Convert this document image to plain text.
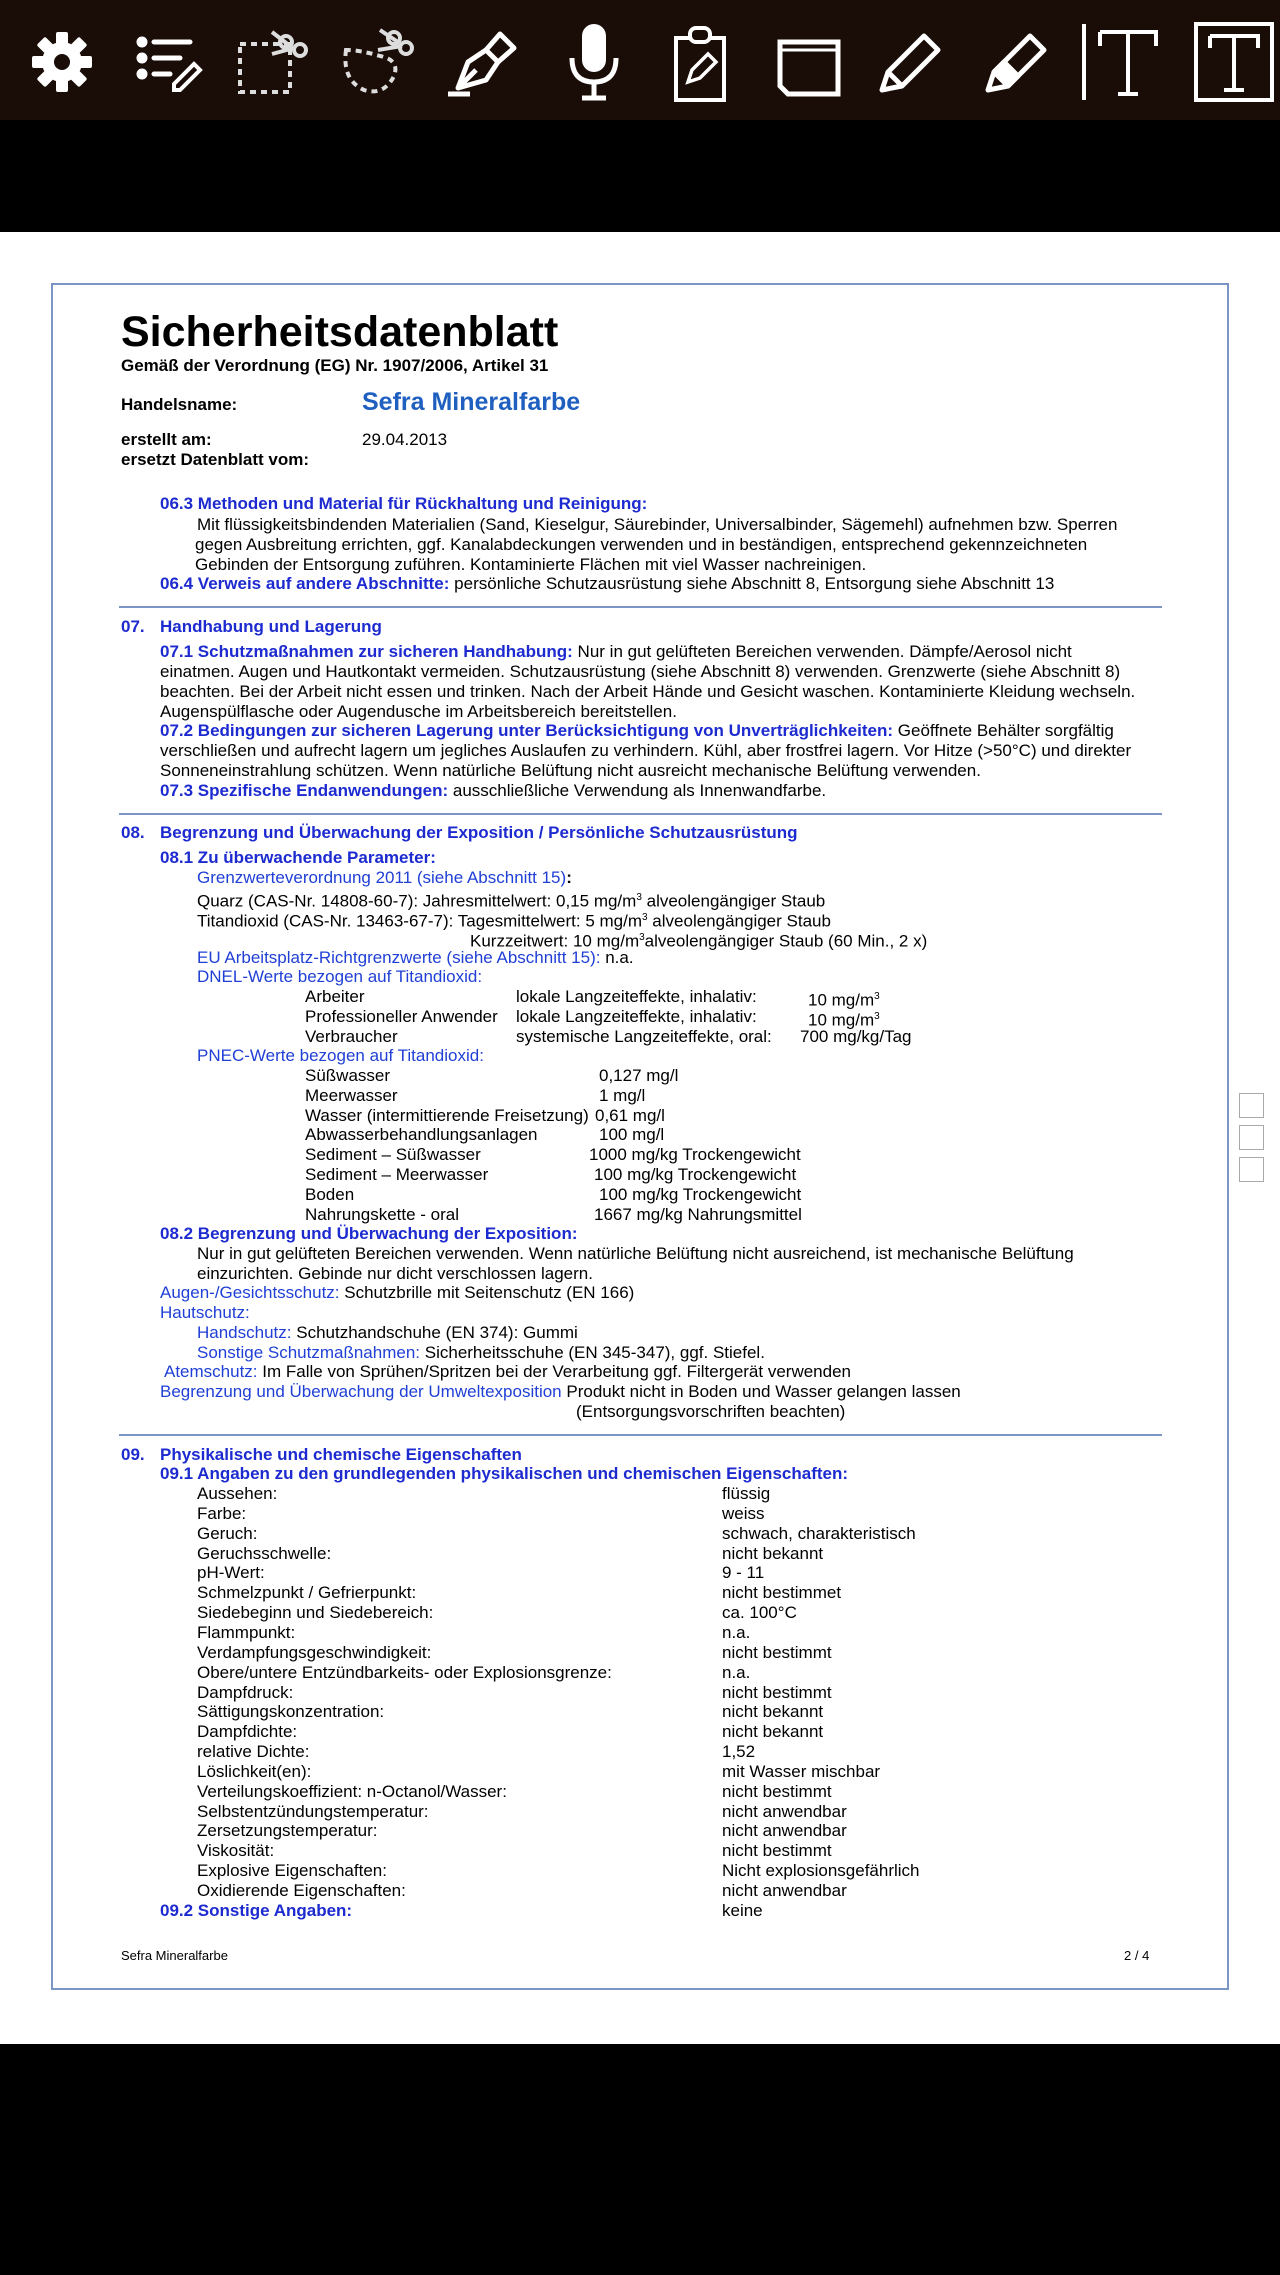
Sicherheitsdatenblatt
Gemäß der Verordnung (EG) Nr. 1907/2006, Artikel 31
Handelsname:	Sefra Mineralfarbe
erstellt am:	29.04.2013
ersetzt Datenblatt vom:
06.3 Methoden und Material für Rückhaltung und Reinigung:
Mit flüssigkeitsbindenden Materialien (Sand, Kieselgur, Säurebinder, Universalbinder, Sägemehl) aufnehmen bzw. Sperren
gegen Ausbreitung errichten, ggf. Kanalabdeckungen verwenden und in beständigen, entsprechend gekennzeichneten
Gebinden der Entsorgung zuführen. Kontaminierte Flächen mit viel Wasser nachreinigen.
06.4 Verweis auf andere Abschnitte: persönliche Schutzausrüstung siehe Abschnitt 8, Entsorgung siehe Abschnitt 13
07. Handhabung und Lagerung
07.1 Schutzmaßnahmen zur sicheren Handhabung: Nur in gut gelüfteten Bereichen verwenden. Dämpfe/Aerosol nicht
einatmen. Augen und Hautkontakt vermeiden. Schutzausrüstung (siehe Abschnitt 8) verwenden. Grenzwerte (siehe Abschnitt 8)
beachten. Bei der Arbeit nicht essen und trinken. Nach der Arbeit Hände und Gesicht waschen. Kontaminierte Kleidung wechseln.
Augenspülflasche oder Augendusche im Arbeitsbereich bereitstellen.
07.2 Bedingungen zur sicheren Lagerung unter Berücksichtigung von Unverträglichkeiten: Geöffnete Behälter sorgfältig
verschließen und aufrecht lagern um jegliches Auslaufen zu verhindern. Kühl, aber frostfrei lagern. Vor Hitze (>50°C) und direkter
Sonneneinstrahlung schützen. Wenn natürliche Belüftung nicht ausreicht mechanische Belüftung verwenden.
07.3 Spezifische Endanwendungen: ausschließliche Verwendung als Innenwandfarbe.
08. Begrenzung und Überwachung der Exposition / Persönliche Schutzausrüstung
08.1 Zu überwachende Parameter:
Grenzwerteverordnung 2011 (siehe Abschnitt 15):
Quarz (CAS-Nr. 14808-60-7): Jahresmittelwert: 0,15 $mg/m^3$ alveolengängiger Staub
Titandioxid (CAS-Nr. 13463-67-7): Tagesmittelwert: 5 $mg/m^3$ alveolengängiger Staub
Kurzzeitwert: 10 $mg/m^3alveolengängiger$ Staub (60 Min., 2 x)
EU Arbeitsplatz-Richtgrenzwerte (siehe Abschnitt 15): n.a.
DNEL-Werte bezogen auf Titandioxid:
Arbeiter	lokale Langzeiteffekte, inhalativ:	10 $mg/m^3$
Professioneller Anwender lokale Langzeiteffekte, inhalativ:	10 $mg/m^3$
Verbraucher	systemische Langzeiteffekte, oral: 700 mg/kg/Tag
PNEC-Werte bezogen auf Titandioxid:
Süßwasser	0,127 mg/l
Meerwasser	1 mg/l
Wasser (intermittierende Freisetzung) 0,61 mg/l
Abwasserbehandlungsanlagen	100 mg/l
Sediment – Süßwasser	1000 mg/kg Trockengewicht
Sediment – Meerwasser	100 mg/kg Trockengewicht
Boden	100 mg/kg Trockengewicht
Nahrungskette - oral	1667 mg/kg Nahrungsmittel
08.2 Begrenzung und Überwachung der Exposition:
Nur in gut gelüfteten Bereichen verwenden. Wenn natürliche Belüftung nicht ausreichend, ist mechanische Belüftung
einzurichten. Gebinde nur dicht verschlossen lagern.
Augen-/Gesichtsschutz: Schutzbrille mit Seitenschutz (EN 166)
Hautschutz:
Handschutz: Schutzhandschuhe (EN 374): Gummi
Sonstige Schutzmaßnahmen: Sicherheitsschuhe (EN 345-347), ggf. Stiefel.
Atemschutz: Im Falle von Sprühen/Spritzen bei der Verarbeitung ggf. Filtergerät verwenden
Begrenzung und Überwachung der Umweltexposition Produkt nicht in Boden und Wasser gelangen lassen
(Entsorgungsvorschriften beachten)
09. Physikalische und chemische Eigenschaften
09.1 Angaben zu den grundlegenden physikalischen und chemischen Eigenschaften:
Aussehen:	flüssig
Farbe:	weiss
Geruch:	schwach, charakteristisch
Geruchsschwelle:	nicht bekannt
pH-Wert:	9 - 11
Schmelzpunkt / Gefrierpunkt:	nicht bestimmet
Siedebeginn und Siedebereich:	ca. 100°C
Flammpunkt:	n.a.
Verdampfungsgeschwindigkeit:	nicht bestimmt
Obere/untere Entzündbarkeits- oder Explosionsgrenze:	n.a.
Dampfdruck:	nicht bestimmt
Sättigungskonzentration:	nicht bekannt
Dampfdichte:	nicht bekannt
relative Dichte:	1,52
Löslichkeit(en):	mit Wasser mischbar
Verteilungskoeffizient: n-Octanol/Wasser:	nicht bestimmt
Selbstentzündungstemperatur:	nicht anwendbar
Zersetzungstemperatur:	nicht anwendbar
Viskosität:	nicht bestimmt
Explosive Eigenschaften:	Nicht explosionsgefährlich
Oxidierende Eigenschaften:	nicht anwendbar
09.2 Sonstige Angaben:	keine
Sefra Mineralfarbe	2 / 4
